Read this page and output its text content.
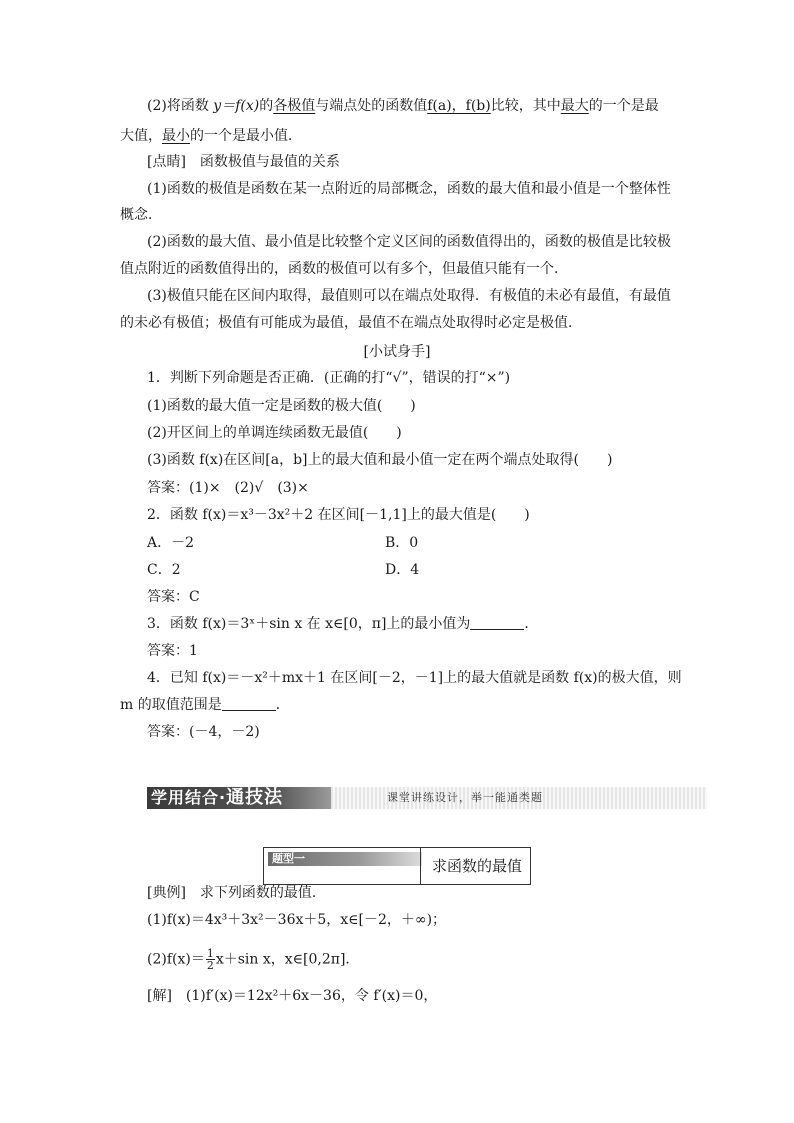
(2)将函数 y＝f(x)的各极值与端点处的函数值f(a)，f(b)比较，其中最大的一个是最
大值，最小的一个是最小值．
[点睛]　函数极值与最值的关系
(1)函数的极值是函数在某一点附近的局部概念，函数的最大值和最小值是一个整体性
概念．
(2)函数的最大值、最小值是比较整个定义区间的函数值得出的，函数的极值是比较极
值点附近的函数值得出的，函数的极值可以有多个，但最值只能有一个．
(3)极值只能在区间内取得，最值则可以在端点处取得．有极值的未必有最值，有最值
的未必有极值；极值有可能成为最值，最值不在端点处取得时必定是极值．
[小试身手]
1．判断下列命题是否正确．(正确的打“√”，错误的打“×”)
(1)函数的最大值一定是函数的极大值(　　)
(2)开区间上的单调连续函数无最值(　　)
(3)函数 f(x)在区间[a，b]上的最大值和最小值一定在两个端点处取得(　　)
答案：(1)×　(2)√　(3)×
2．函数 f(x)＝x³－3x²＋2 在区间[－1,1]上的最大值是(　　)
A．－2	B．0
C．2	D．4
答案：C
3．函数 f(x)＝3ˣ＋sin x 在 x∈[0，π]上的最小值为	．
答案：1
4．已知 f(x)＝－x²＋mx＋1 在区间[－2，－1]上的最大值就是函数 f(x)的极大值，则
m 的取值范围是	．
答案：(－4，－2)
学用结合·通技法	课堂讲练设计，举一能通类题
题型一	求函数的最值
[典例]　求下列函数的最值．
(1)f(x)＝4x³＋3x²－36x＋5，x∈[－2，＋∞)；
$(2)f(x)= \frac{1}{2} x+\sin$ x，x∈[0,2π]．
[解]　(1)f′(x)＝12x²＋6x－36，令 f′(x)＝0，
